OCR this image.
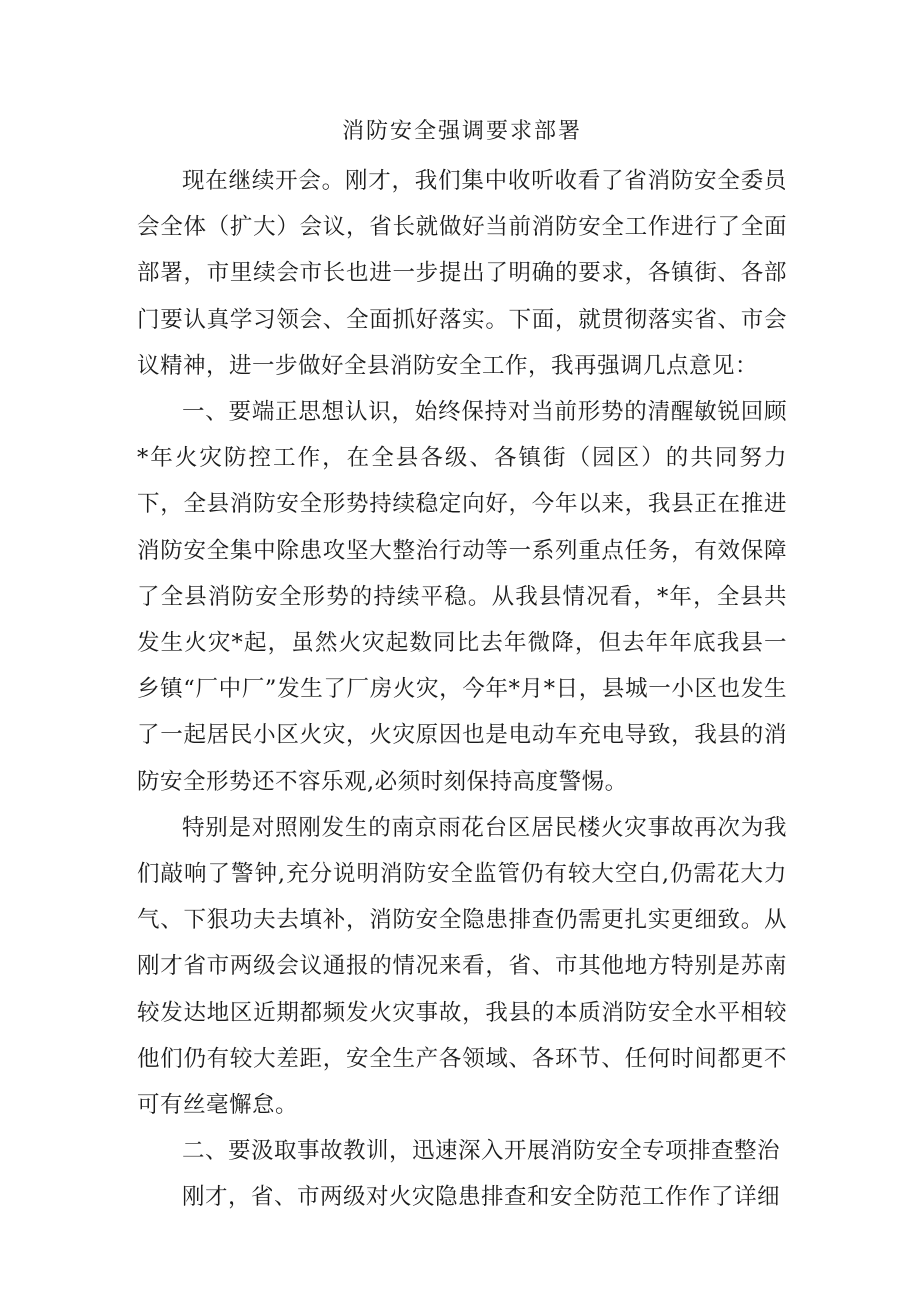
消防安全强调要求部署

现在继续开会。刚才，我们集中收听收看了省消防安全委员会全体（扩大）会议，省长就做好当前消防安全工作进行了全面部署，市里续会市长也进一步提出了明确的要求，各镇街、各部门要认真学习领会、全面抓好落实。下面，就贯彻落实省、市会议精神，进一步做好全县消防安全工作，我再强调几点意见：

一、要端正思想认识，始终保持对当前形势的清醒敏锐回顾*年火灾防控工作，在全县各级、各镇街（园区）的共同努力下，全县消防安全形势持续稳定向好，今年以来，我县正在推进消防安全集中除患攻坚大整治行动等一系列重点任务，有效保障了全县消防安全形势的持续平稳。从我县情况看，*年，全县共发生火灾*起，虽然火灾起数同比去年微降，但去年年底我县一乡镇“厂中厂”发生了厂房火灾，今年*月*日，县城一小区也发生了一起居民小区火灾，火灾原因也是电动车充电导致，我县的消防安全形势还不容乐观,必须时刻保持高度警惕。

特别是对照刚发生的南京雨花台区居民楼火灾事故再次为我们敲响了警钟,充分说明消防安全监管仍有较大空白,仍需花大力气、下狠功夫去填补，消防安全隐患排查仍需更扎实更细致。从刚才省市两级会议通报的情况来看，省、市其他地方特别是苏南较发达地区近期都频发火灾事故，我县的本质消防安全水平相较他们仍有较大差距，安全生产各领域、各环节、任何时间都更不可有丝毫懈怠。

二、要汲取事故教训，迅速深入开展消防安全专项排查整治

刚才，省、市两级对火灾隐患排查和安全防范工作作了详细
